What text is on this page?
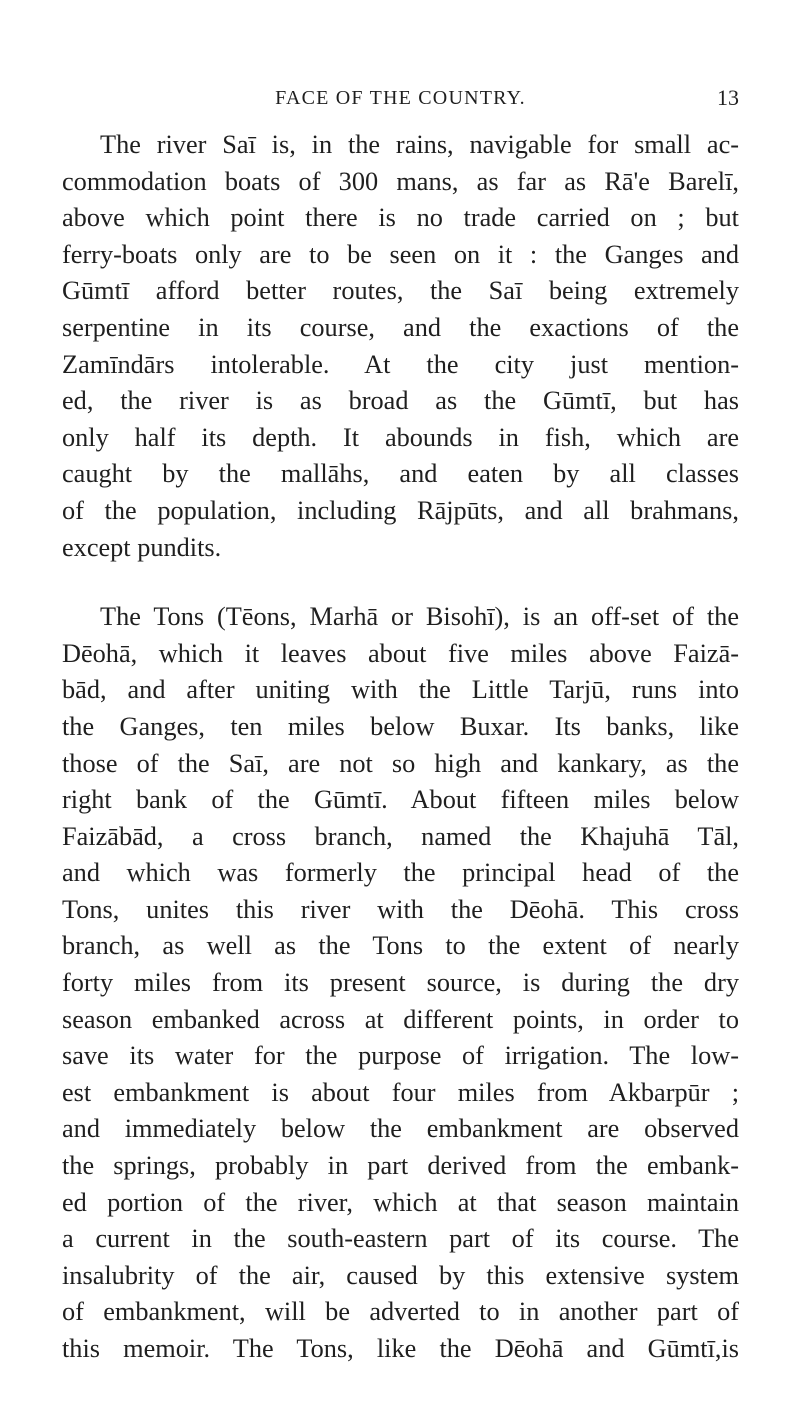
FACE OF THE COUNTRY.	13
The river Saī is, in the rains, navigable for small ac-
commodation boats of 300 mans, as far as Rā'e Barelī,
above which point there is no trade carried on ; but
ferry-boats only are to be seen on it : the Ganges and
Gūmtī afford better routes, the Saī being extremely
serpentine in its course, and the exactions of the
Zamīndārs intolerable. At the city just mention-
ed, the river is as broad as the Gūmtī, but has
only half its depth. It abounds in fish, which are
caught by the mallāhs, and eaten by all classes
of the population, including Rājpūts, and all brahmans,
except pundits.
The Tons (Tēons, Marhā or Bisohī), is an off-set of the
Dēohā, which it leaves about five miles above Faizā-
bād, and after uniting with the Little Tarjū, runs into
the Ganges, ten miles below Buxar. Its banks, like
those of the Saī, are not so high and kankary, as the
right bank of the Gūmtī. About fifteen miles below
Faizābād, a cross branch, named the Khajuhā Tāl,
and which was formerly the principal head of the
Tons, unites this river with the Dēohā. This cross
branch, as well as the Tons to the extent of nearly
forty miles from its present source, is during the dry
season embanked across at different points, in order to
save its water for the purpose of irrigation. The low-
est embankment is about four miles from Akbarpūr ;
and immediately below the embankment are observed
the springs, probably in part derived from the embank-
ed portion of the river, which at that season maintain
a current in the south-eastern part of its course. The
insalubrity of the air, caused by this extensive system
of embankment, will be adverted to in another part of
this memoir. The Tons, like the Dēohā and Gūmtī,is
